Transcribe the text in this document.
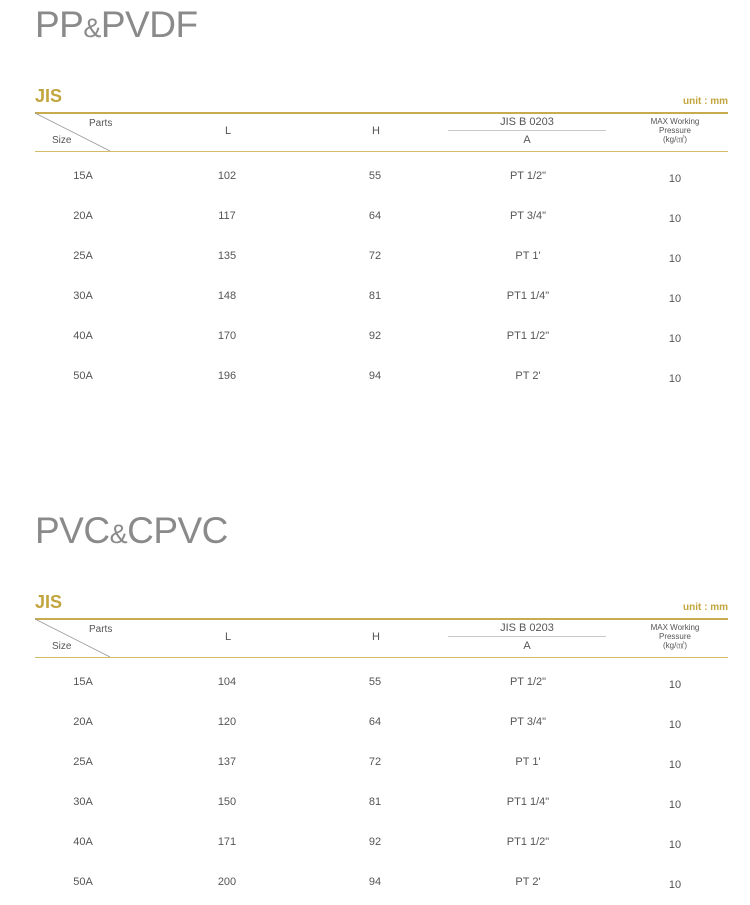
PP&PVDF
JIS	unit : mm
Parts
Size
L	H
JIS B 0203
A
MAX Working
Pressure
(kg/㎠)
15A	102	55	PT 1/2"	10
20A	117	64	PT 3/4"	10
25A	135	72	PT 1'	10
30A	148	81	PT1 1/4"	10
40A	170	92	PT1 1/2"	10
50A	196	94	PT 2'	10
PVC&CPVC
JIS	unit : mm
Parts
Size
L	H
JIS B 0203
A
MAX Working
Pressure
(kg/㎠)
15A	104	55	PT 1/2"	10
20A	120	64	PT 3/4"	10
25A	137	72	PT 1'	10
30A	150	81	PT1 1/4"	10
40A	171	92	PT1 1/2"	10
50A	200	94	PT 2'	10
